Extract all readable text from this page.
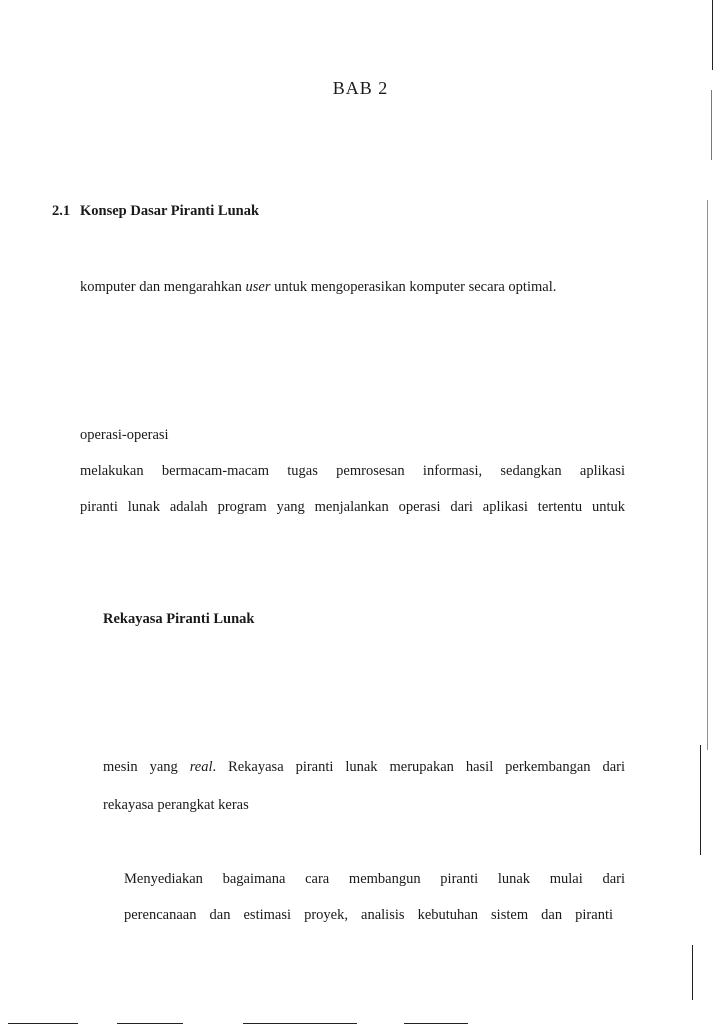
BAB 2
2.1 Konsep Dasar Piranti Lunak
komputer dan mengarahkan user untuk mengoperasikan komputer secara optimal.
operasi-operasi
melakukan bermacam-macam tugas pemrosesan informasi, sedangkan aplikasi
piranti lunak adalah program yang menjalankan operasi dari aplikasi tertentu untuk
Rekayasa Piranti Lunak
mesin yang real. Rekayasa piranti lunak merupakan hasil perkembangan dari
rekayasa perangkat keras
Menyediakan bagaimana cara membangun piranti lunak mulai dari
perencanaan dan estimasi proyek, analisis kebutuhan sistem dan piranti
